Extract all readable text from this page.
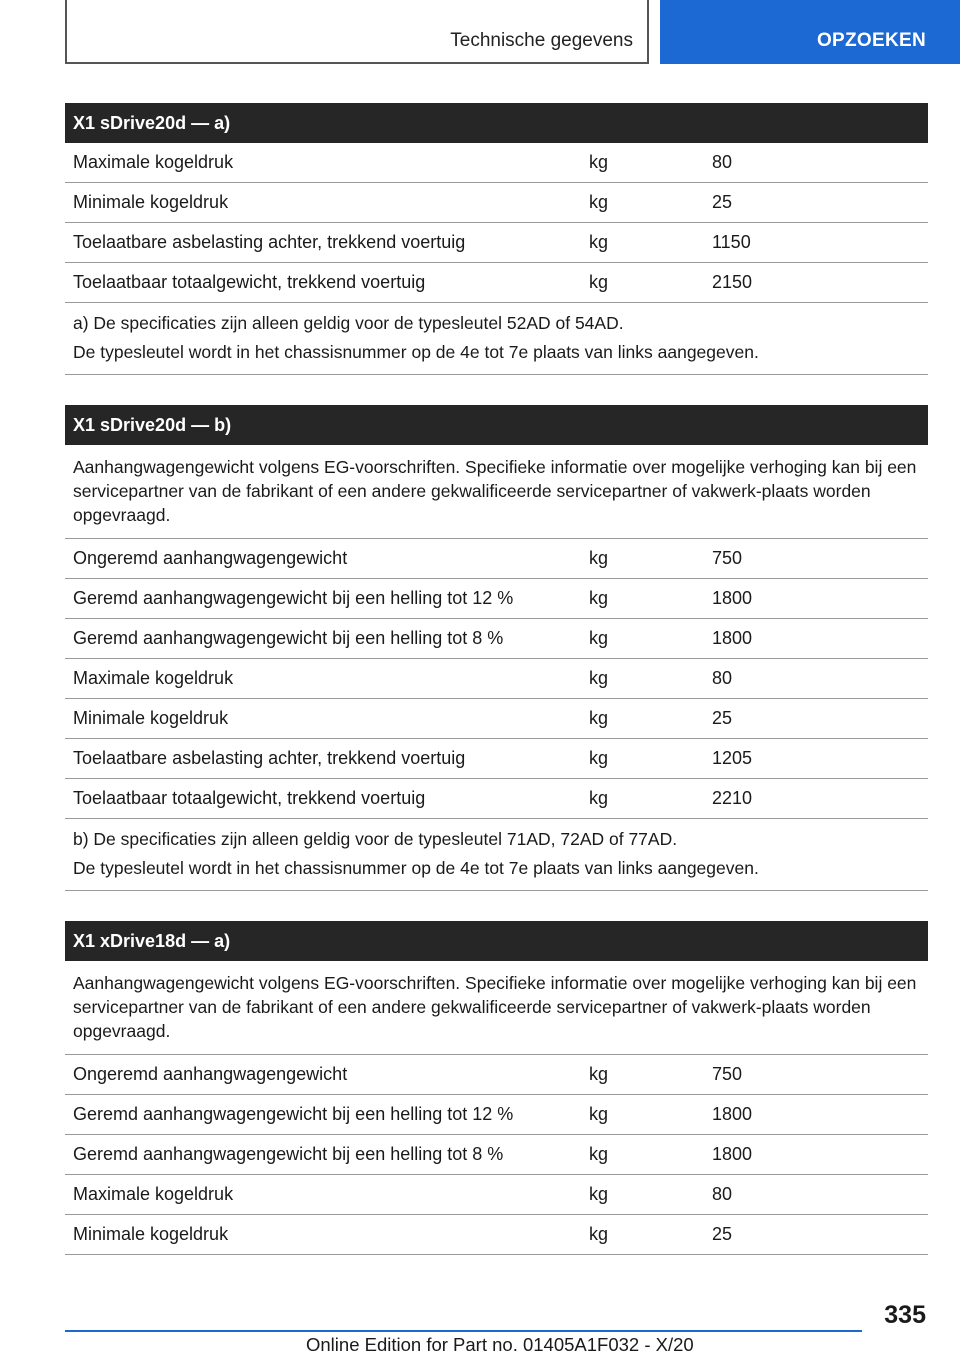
Technische gegevens	OPZOEKEN
X1 sDrive20d — a)
Maximale kogeldruk	kg	80
Minimale kogeldruk	kg	25
Toelaatbare asbelasting achter, trekkend voertuig	kg	1150
Toelaatbaar totaalgewicht, trekkend voertuig	kg	2150
a) De specificaties zijn alleen geldig voor de typesleutel 52AD of 54AD.
De typesleutel wordt in het chassisnummer op de 4e tot 7e plaats van links aangegeven.
X1 sDrive20d — b)
Aanhangwagengewicht volgens EG-voorschriften. Specifieke informatie over mogelijke verhoging kan bij een servicepartner van de fabrikant of een andere gekwalificeerde servicepartner of vakwerk-plaats worden opgevraagd.
Ongeremd aanhangwagengewicht	kg	750
Geremd aanhangwagengewicht bij een helling tot 12 %	kg	1800
Geremd aanhangwagengewicht bij een helling tot 8 %	kg	1800
Maximale kogeldruk	kg	80
Minimale kogeldruk	kg	25
Toelaatbare asbelasting achter, trekkend voertuig	kg	1205
Toelaatbaar totaalgewicht, trekkend voertuig	kg	2210
b) De specificaties zijn alleen geldig voor de typesleutel 71AD, 72AD of 77AD.
De typesleutel wordt in het chassisnummer op de 4e tot 7e plaats van links aangegeven.
X1 xDrive18d — a)
Aanhangwagengewicht volgens EG-voorschriften. Specifieke informatie over mogelijke verhoging kan bij een servicepartner van de fabrikant of een andere gekwalificeerde servicepartner of vakwerk-plaats worden opgevraagd.
Ongeremd aanhangwagengewicht	kg	750
Geremd aanhangwagengewicht bij een helling tot 12 %	kg	1800
Geremd aanhangwagengewicht bij een helling tot 8 %	kg	1800
Maximale kogeldruk	kg	80
Minimale kogeldruk	kg	25
335
Online Edition for Part no. 01405A1F032 - X/20
